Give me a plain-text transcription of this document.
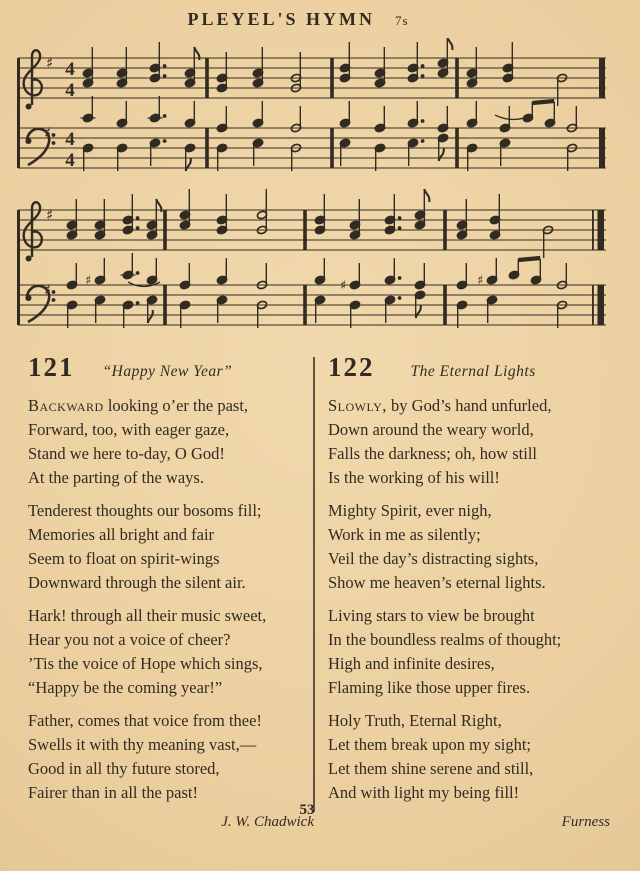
PLEYEL'S HYMN 7s
♯ 4
4
♯ 4
4
♯
♯	♯	♯	♯
121 “Happy New Year”
Backward looking o’er the past,
Forward, too, with eager gaze,
Stand we here to-day, O God!
At the parting of the ways.
Tenderest thoughts our bosoms fill;
Memories all bright and fair
Seem to float on spirit-wings
Downward through the silent air.
Hark! through all their music sweet,
Hear you not a voice of cheer?
’Tis the voice of Hope which sings,
“Happy be the coming year!”
Father, comes that voice from thee!
Swells it with thy meaning vast,—
Good in all thy future stored,
Fairer than in all the past!
J. W. Chadwick
122 The Eternal Lights
Slowly, by God’s hand unfurled,
Down around the weary world,
Falls the darkness; oh, how still
Is the working of his will!
Mighty Spirit, ever nigh,
Work in me as silently;
Veil the day’s distracting sights,
Show me heaven’s eternal lights.
Living stars to view be brought
In the boundless realms of thought;
High and infinite desires,
Flaming like those upper fires.
Holy Truth, Eternal Right,
Let them break upon my sight;
Let them shine serene and still,
And with light my being fill!
Furness
53
